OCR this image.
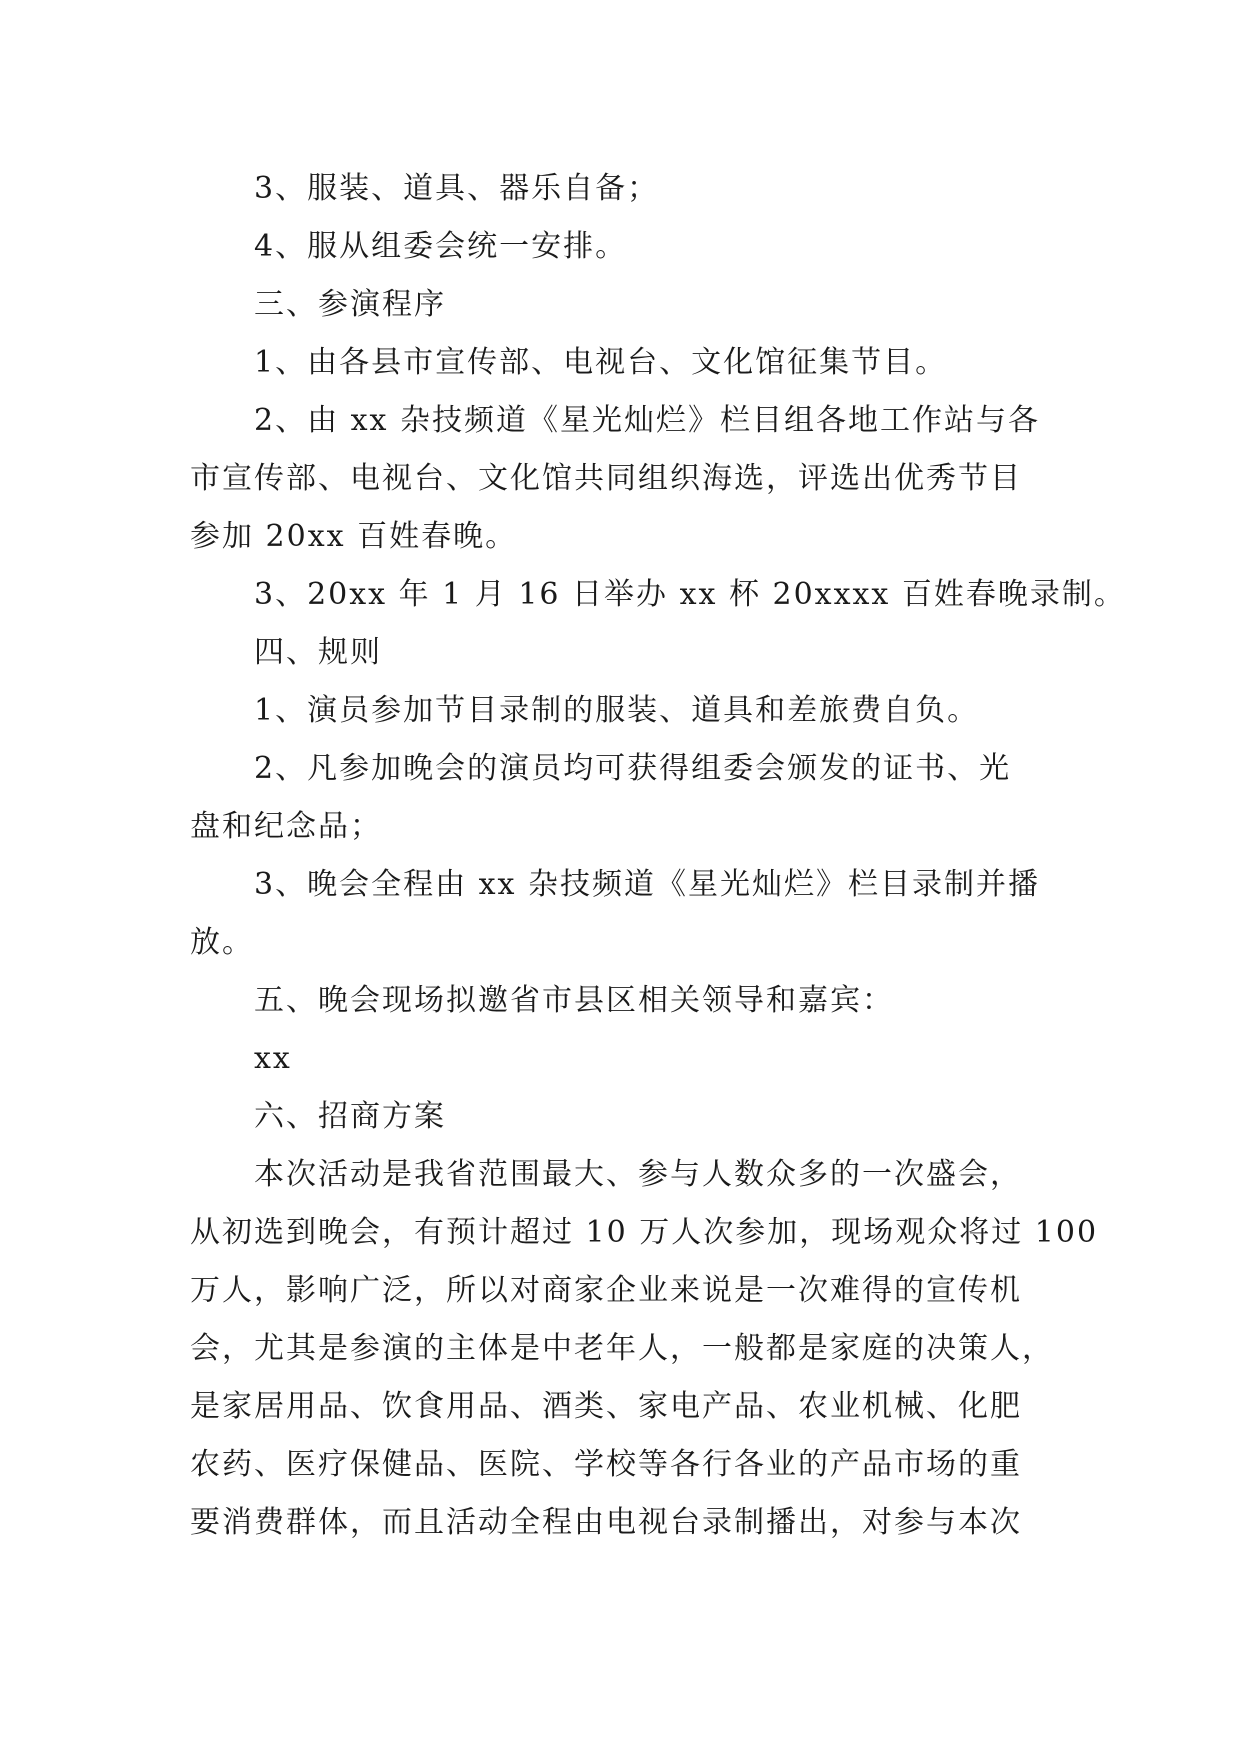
3、服装、道具、器乐自备；
4、服从组委会统一安排。
三、参演程序
1、由各县市宣传部、电视台、文化馆征集节目。
2、由 xx 杂技频道《星光灿烂》栏目组各地工作站与各
市宣传部、电视台、文化馆共同组织海选，评选出优秀节目
参加 20xx 百姓春晚。
3、20xx 年 1 月 16 日举办 xx 杯 20xxxx 百姓春晚录制。
四、规则
1、演员参加节目录制的服装、道具和差旅费自负。
2、凡参加晚会的演员均可获得组委会颁发的证书、光
盘和纪念品；
3、晚会全程由 xx 杂技频道《星光灿烂》栏目录制并播
放。
五、晚会现场拟邀省市县区相关领导和嘉宾：
xx
六、招商方案
本次活动是我省范围最大、参与人数众多的一次盛会，
从初选到晚会，有预计超过 10 万人次参加，现场观众将过 100
万人，影响广泛，所以对商家企业来说是一次难得的宣传机
会，尤其是参演的主体是中老年人，一般都是家庭的决策人，
是家居用品、饮食用品、酒类、家电产品、农业机械、化肥
农药、医疗保健品、医院、学校等各行各业的产品市场的重
要消费群体，而且活动全程由电视台录制播出，对参与本次
